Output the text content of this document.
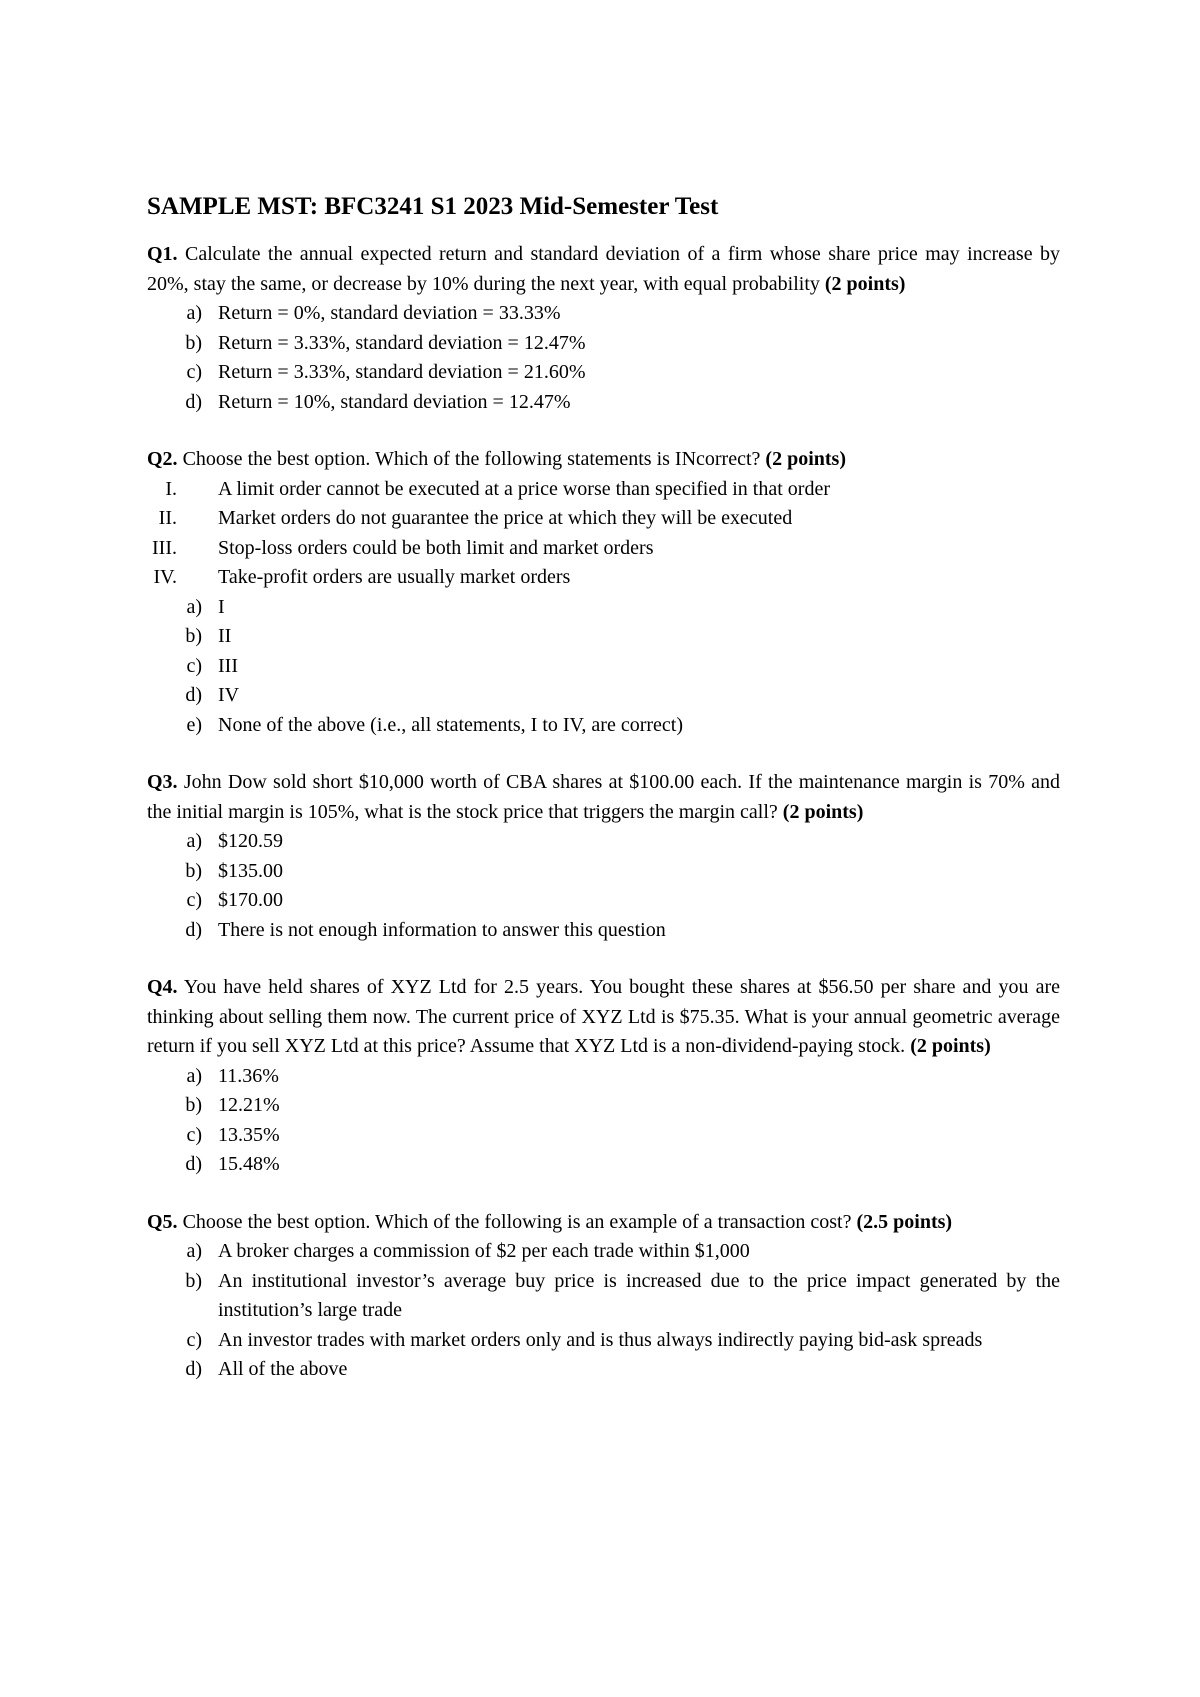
SAMPLE MST: BFC3241 S1 2023 Mid-Semester Test

Q1. Calculate the annual expected return and standard deviation of a firm whose share price may increase by 20%, stay the same, or decrease by 10% during the next year, with equal probability (2 points)

a) Return = 0%, standard deviation = 33.33%
b) Return = 3.33%, standard deviation = 12.47%
c) Return = 3.33%, standard deviation = 21.60%
d) Return = 10%, standard deviation = 12.47%

Q2. Choose the best option. Which of the following statements is INcorrect? (2 points)

I. A limit order cannot be executed at a price worse than specified in that order
II. Market orders do not guarantee the price at which they will be executed
III. Stop-loss orders could be both limit and market orders
IV. Take-profit orders are usually market orders
a) I
b) II
c) III
d) IV
e) None of the above (i.e., all statements, I to IV, are correct)

Q3. John Dow sold short $10,000 worth of CBA shares at $100.00 each. If the maintenance margin is 70% and the initial margin is 105%, what is the stock price that triggers the margin call? (2 points)

a) $120.59
b) $135.00
c) $170.00
d) There is not enough information to answer this question

Q4. You have held shares of XYZ Ltd for 2.5 years. You bought these shares at $56.50 per share and you are thinking about selling them now. The current price of XYZ Ltd is $75.35. What is your annual geometric average return if you sell XYZ Ltd at this price? Assume that XYZ Ltd is a non-dividend-paying stock. (2 points)

a) 11.36%
b) 12.21%
c) 13.35%
d) 15.48%

Q5. Choose the best option. Which of the following is an example of a transaction cost? (2.5 points)

a) A broker charges a commission of $2 per each trade within $1,000
b) An institutional investor’s average buy price is increased due to the price impact generated by the institution’s large trade
c) An investor trades with market orders only and is thus always indirectly paying bid-ask spreads
d) All of the above
